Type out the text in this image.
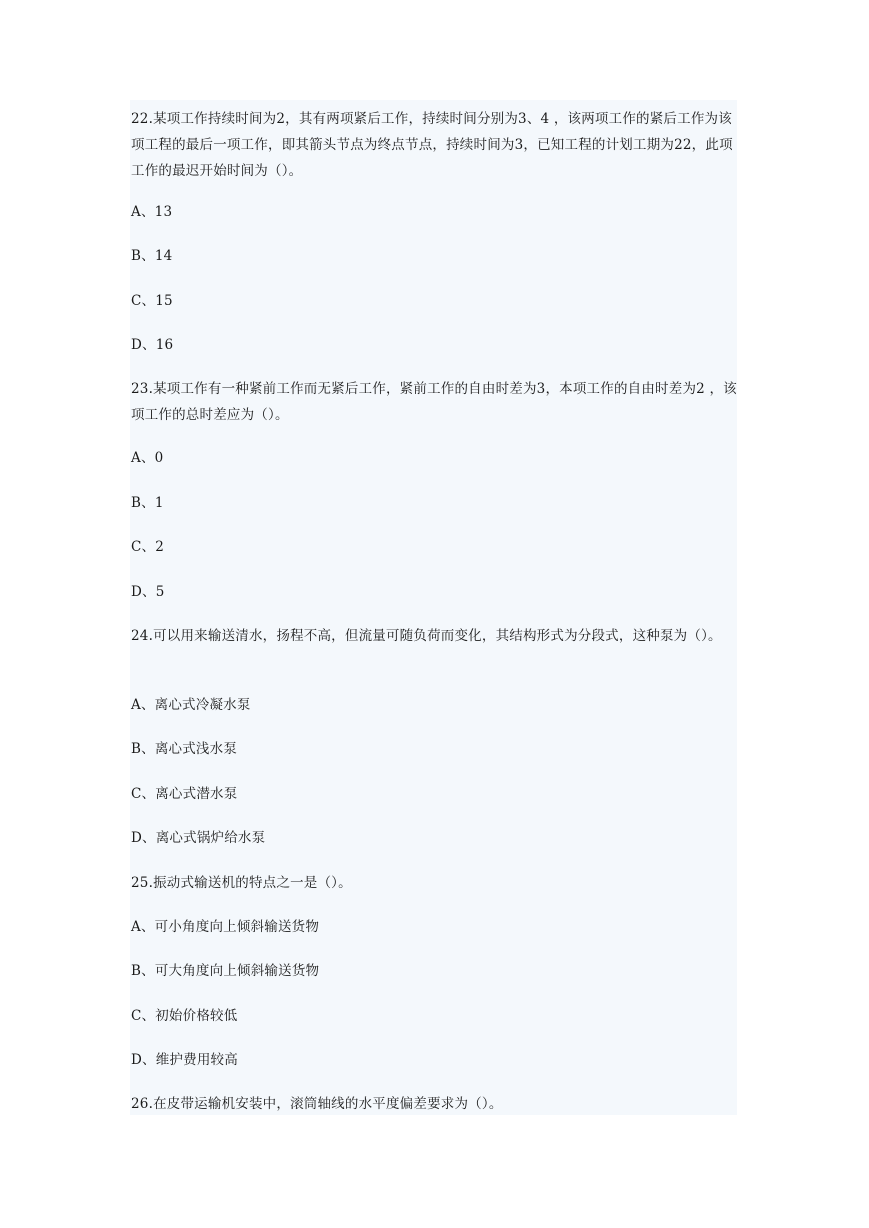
22.某项工作持续时间为2，其有两项紧后工作，持续时间分别为3、4 ，该两项工作的紧后工作为该项工程的最后一项工作，即其箭头节点为终点节点，持续时间为3，已知工程的计划工期为22，此项工作的最迟开始时间为（）。

A、13

B、14

C、15

D、16

23.某项工作有一种紧前工作而无紧后工作，紧前工作的自由时差为3，本项工作的自由时差为2 ，该项工作的总时差应为（）。

A、0

B、1

C、2

D、5

24.可以用来输送清水，扬程不高，但流量可随负荷而变化，其结构形式为分段式，这种泵为（）。

A、离心式冷凝水泵

B、离心式浅水泵

C、离心式潜水泵

D、离心式锅炉给水泵

25.振动式输送机的特点之一是（）。

A、可小角度向上倾斜输送货物

B、可大角度向上倾斜输送货物

C、初始价格较低

D、维护费用较高

26.在皮带运输机安装中，滚筒轴线的水平度偏差要求为（）。
